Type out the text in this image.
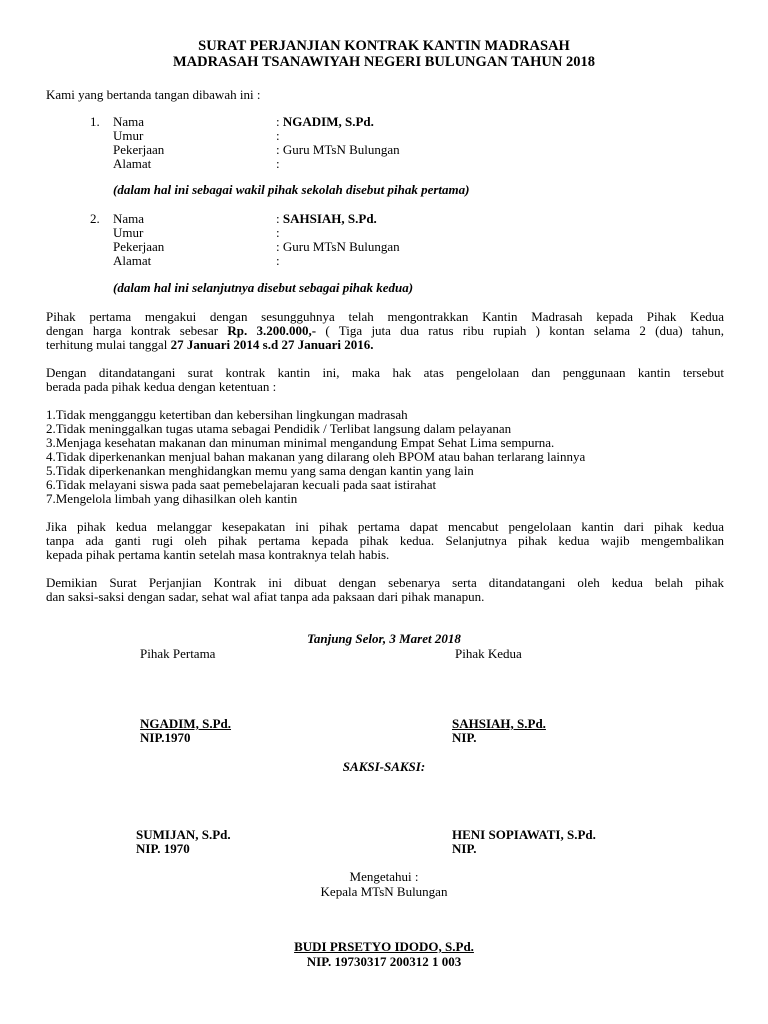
SURAT PERJANJIAN KONTRAK KANTIN MADRASAH
MADRASAH TSANAWIYAH NEGERI BULUNGAN TAHUN 2018
Kami yang bertanda tangan dibawah ini :
1. Nama
Umur
Pekerjaan
Alamat
: NGADIM, S.Pd.
:
: Guru MTsN Bulungan
:
(dalam hal ini sebagai wakil pihak sekolah disebut pihak pertama)
2. Nama
Umur
Pekerjaan
Alamat
: SAHSIAH, S.Pd.
:
: Guru MTsN Bulungan
:
(dalam hal ini selanjutnya disebut sebagai pihak kedua)
Pihak pertama mengakui dengan sesungguhnya telah mengontrakkan Kantin Madrasah kepada Pihak Kedua
dengan harga kontrak sebesar Rp. 3.200.000,- ( Tiga juta dua ratus ribu rupiah ) kontan selama 2 (dua) tahun,
terhitung mulai tanggal 27 Januari 2014 s.d 27 Januari 2016.
Dengan ditandatangani surat kontrak kantin ini, maka hak atas pengelolaan dan penggunaan kantin tersebut
berada pada pihak kedua dengan ketentuan :
1.Tidak mengganggu ketertiban dan kebersihan lingkungan madrasah
2.Tidak meninggalkan tugas utama sebagai Pendidik / Terlibat langsung dalam pelayanan
3.Menjaga kesehatan makanan dan minuman minimal mengandung Empat Sehat Lima sempurna.
4.Tidak diperkenankan menjual bahan makanan yang dilarang oleh BPOM atau bahan terlarang lainnya
5.Tidak diperkenankan menghidangkan memu yang sama dengan kantin yang lain
6.Tidak melayani siswa pada saat pemebelajaran kecuali pada saat istirahat
7.Mengelola limbah yang dihasilkan oleh kantin
Jika pihak kedua melanggar kesepakatan ini pihak pertama dapat mencabut pengelolaan kantin dari pihak kedua
tanpa ada ganti rugi oleh pihak pertama kepada pihak kedua. Selanjutnya pihak kedua wajib mengembalikan
kepada pihak pertama kantin setelah masa kontraknya telah habis.
Demikian Surat Perjanjian Kontrak ini dibuat dengan sebenarya serta ditandatangani oleh kedua belah pihak
dan saksi-saksi dengan sadar, sehat wal afiat tanpa ada paksaan dari pihak manapun.
Tanjung Selor, 3 Maret 2018
Pihak Pertama	Pihak Kedua
NGADIM, S.Pd.
NIP.1970
SAHSIAH, S.Pd.
NIP.
SAKSI-SAKSI:
SUMIJAN, S.Pd.
NIP. 1970
HENI SOPIAWATI, S.Pd.
NIP.
Mengetahui :
Kepala MTsN Bulungan
BUDI PRSETYO IDODO, S.Pd.
NIP. 19730317 200312 1 003
